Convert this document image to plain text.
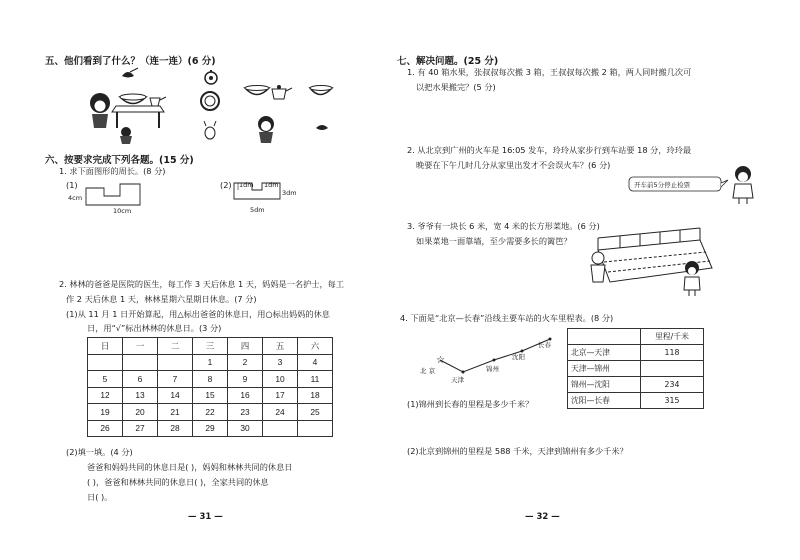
五、他们看到了什么？（连一连）(6 分)
六、按要求完成下列各题。(15 分)
1. 求下面图形的周长。(8 分)
(1)
4cm
10cm
(2) 1dm 1dm
3dm
5dm
2. 林林的爸爸是医院的医生，每工作 3 天后休息 1 天，妈妈是一名护士，每工
作 2 天后休息 1 天，林林星期六星期日休息。(7 分)
(1)从 11 月 1 日开始算起，用△标出爸爸的休息日，用○标出妈妈的休息
日，用“√”标出林林的休息日。(3 分)
日	一	二	三	四	五	六
			1	2	3	4
5	6	7	8	9	10	11
12	13	14	15	16	17	18
19	20	21	22	23	24	25
26	27	28	29	30		
(2)填一填。(4 分)
爸爸和妈妈共同的休息日是( )，妈妈和林林共同的休息日
( )，爸爸和林林共同的休息日( )，全家共同的休息
日( )。
— 31 —
七、解决问题。(25 分)
1. 有 40 箱水果，张叔叔每次搬 3 箱，王叔叔每次搬 2 箱，两人同时搬几次可
以把水果搬完？(5 分)
2. 从北京到广州的火车是 16:05 发车，玲玲从家步行到车站要 18 分，玲玲最
晚要在下午几时几分从家里出发才不会误火车？(6 分)
☆
开车前5分停止检票
3. 爷爷有一块长 6 米，宽 4 米的长方形菜地。(6 分)
如果菜地一面靠墙，至少需要多长的篱笆？
4. 下面是“北京—长春”沿线主要车站的火车里程表。(8 分)
北 京
天津
锦州
沈阳
长春
	里程/千米
北京—天津	118
天津—锦州	
锦州—沈阳	234
沈阳—长春	315
(1)锦州到长春的里程是多少千米？
(2)北京到锦州的里程是 588 千米，天津到锦州有多少千米？
— 32 —
